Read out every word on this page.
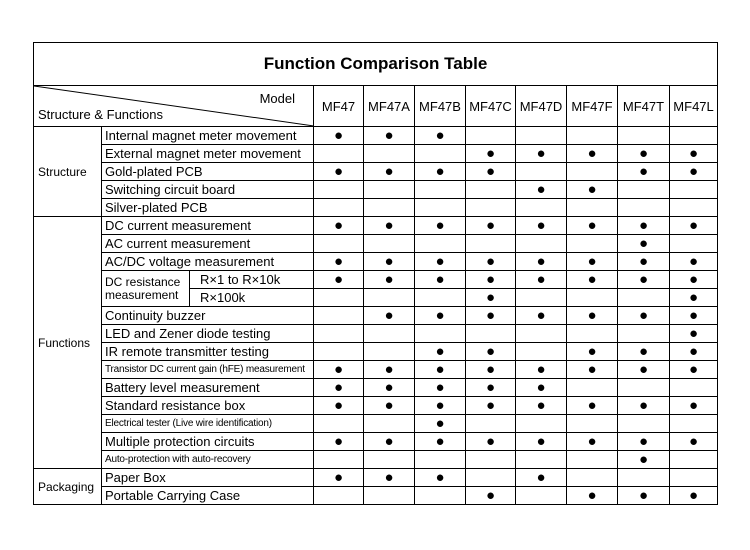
Function Comparison Table										

Model
Structure & Functions			MF47	MF47A	MF47B	MF47C	MF47D	MF47F	MF47T	MF47L
Structure	Internal magnet meter movement		●	●	●					
	External magnet meter movement					●	●	●	●	●
	Gold-plated PCB		●	●	●	●			●	●
	Switching circuit board						●	●		
	Silver-plated PCB									
Functions	DC current measurement		●	●	●	●	●	●	●	●
	AC current measurement								●	
	AC/DC voltage measurement		●	●	●	●	●	●	●	●
	DC resistance measurement	R×1 to R×10k	●	●	●	●	●	●	●	●
		R×100k				●				●
	Continuity buzzer			●	●	●	●	●	●	●
	LED and Zener diode testing									●
	IR remote transmitter testing				●	●		●	●	●
	Transistor DC current gain (hFE) measurement		●	●	●	●	●	●	●	●
	Battery level measurement		●	●	●	●	●			
	Standard resistance box		●	●	●	●	●	●	●	●
	Electrical tester (Live wire identification)				●					
	Multiple protection circuits		●	●	●	●	●	●	●	●
	Auto-protection with auto-recovery								●	
Packaging	Paper Box		●	●	●		●			
	Portable Carrying Case					●		●	●	●
